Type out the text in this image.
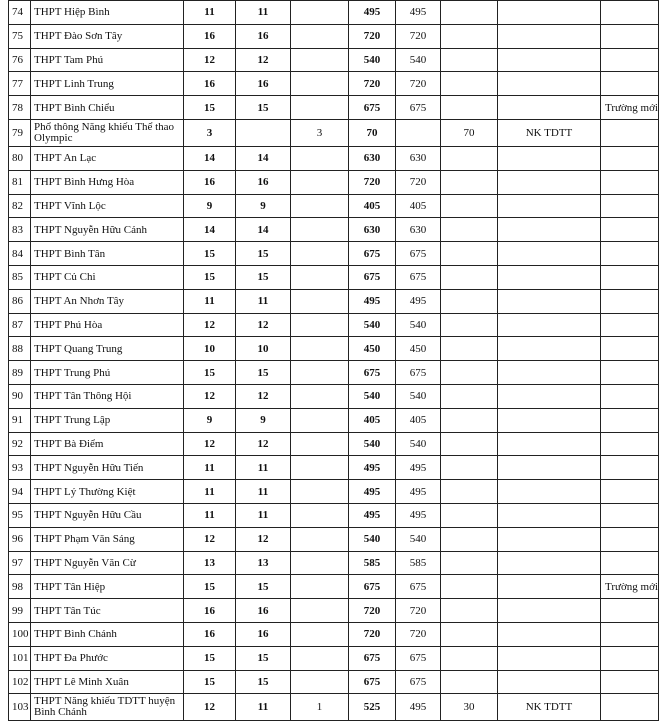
74	THPT Hiệp Bình	11	11		495	495			
75	THPT Đào Sơn Tây	16	16		720	720			
76	THPT Tam Phú	12	12		540	540			
77	THPT Linh Trung	16	16		720	720			
78	THPT Bình Chiểu	15	15		675	675			Trường mới
79	Phổ thông Năng khiếu Thể thao Olympic	3		3	70		70	NK TDTT	
80	THPT An Lạc	14	14		630	630			
81	THPT Bình Hưng Hòa	16	16		720	720			
82	THPT Vĩnh Lộc	9	9		405	405			
83	THPT Nguyễn Hữu Cảnh	14	14		630	630			
84	THPT Bình Tân	15	15		675	675			
85	THPT Củ Chi	15	15		675	675			
86	THPT An Nhơn Tây	11	11		495	495			
87	THPT Phú Hòa	12	12		540	540			
88	THPT Quang Trung	10	10		450	450			
89	THPT Trung Phú	15	15		675	675			
90	THPT Tân Thông Hội	12	12		540	540			
91	THPT Trung Lập	9	9		405	405			
92	THPT Bà Điểm	12	12		540	540			
93	THPT Nguyễn Hữu Tiến	11	11		495	495			
94	THPT Lý Thường Kiệt	11	11		495	495			
95	THPT Nguyễn Hữu Cầu	11	11		495	495			
96	THPT Phạm Văn Sáng	12	12		540	540			
97	THPT Nguyễn Văn Cừ	13	13		585	585			
98	THPT Tân Hiệp	15	15		675	675			Trường mới
99	THPT Tân Túc	16	16		720	720			
100	THPT Bình Chánh	16	16		720	720			
101	THPT Đa Phước	15	15		675	675			
102	THPT Lê Minh Xuân	15	15		675	675			
103	THPT Năng khiếu TDTT huyện Bình Chánh	12	11	1	525	495	30	NK TDTT	
